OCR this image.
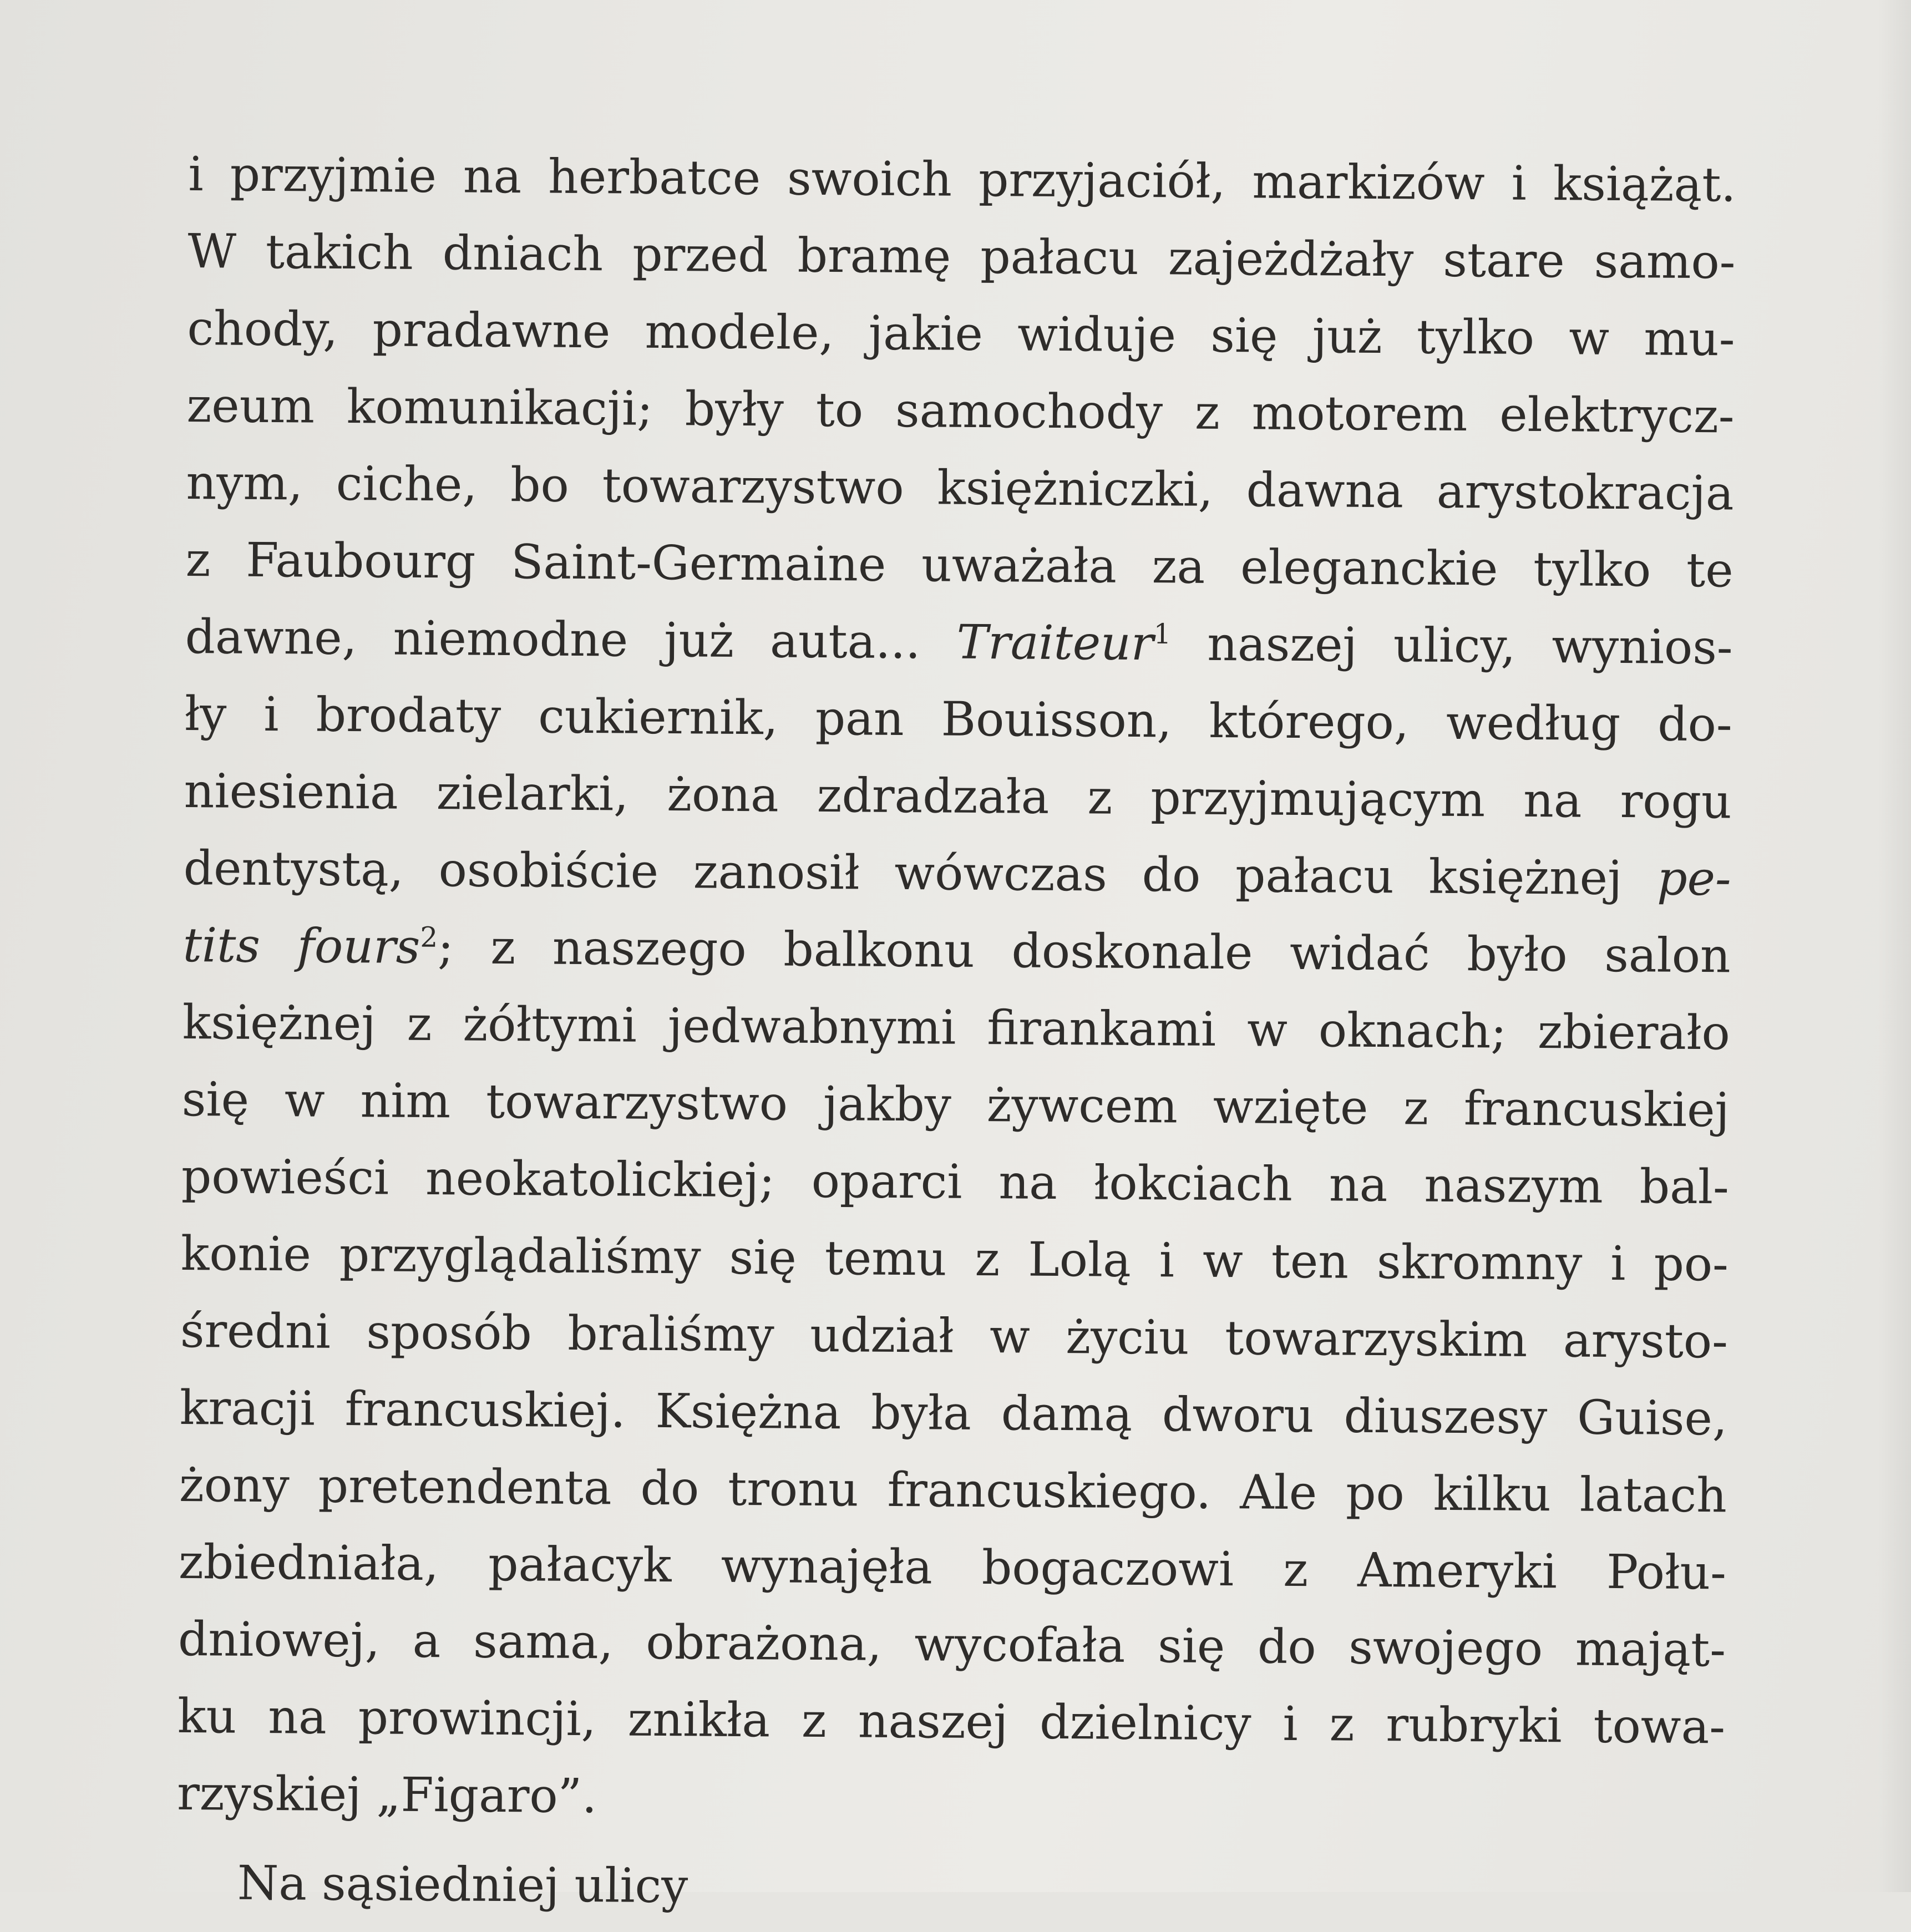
i przyjmie na herbatce swoich przyjaciół, markizów i książąt.
W takich dniach przed bramę pałacu zajeżdżały stare samo-
chody, pradawne modele, jakie widuje się już tylko w mu-
zeum komunikacji; były to samochody z motorem elektrycz-
nym, ciche, bo towarzystwo księżniczki, dawna arystokracja
z Faubourg Saint-Germaine uważała za eleganckie tylko te
dawne, niemodne już auta... Traiteur$^1$ naszej ulicy, wynios-
ły i brodaty cukiernik, pan Bouisson, którego, według do-
niesienia zielarki, żona zdradzała z przyjmującym na rogu
dentystą, osobiście zanosił wówczas do pałacu księżnej pe-
tits fours$^2$; z naszego balkonu doskonale widać było salon
księżnej z żółtymi jedwabnymi firankami w oknach; zbierało
się w nim towarzystwo jakby żywcem wzięte z francuskiej
powieści neokatolickiej; oparci na łokciach na naszym bal-
konie przyglądaliśmy się temu z Lolą i w ten skromny i po-
średni sposób braliśmy udział w życiu towarzyskim arysto-
kracji francuskiej. Księżna była damą dworu diuszesy Guise,
żony pretendenta do tronu francuskiego. Ale po kilku latach
zbiedniała, pałacyk wynajęła bogaczowi z Ameryki Połu-
dniowej, a sama, obrażona, wycofała się do swojego mająt-
ku na prowincji, znikła z naszej dzielnicy i z rubryki towa-
rzyskiej „Figaro”.
Na sąsiedniej ulicy
